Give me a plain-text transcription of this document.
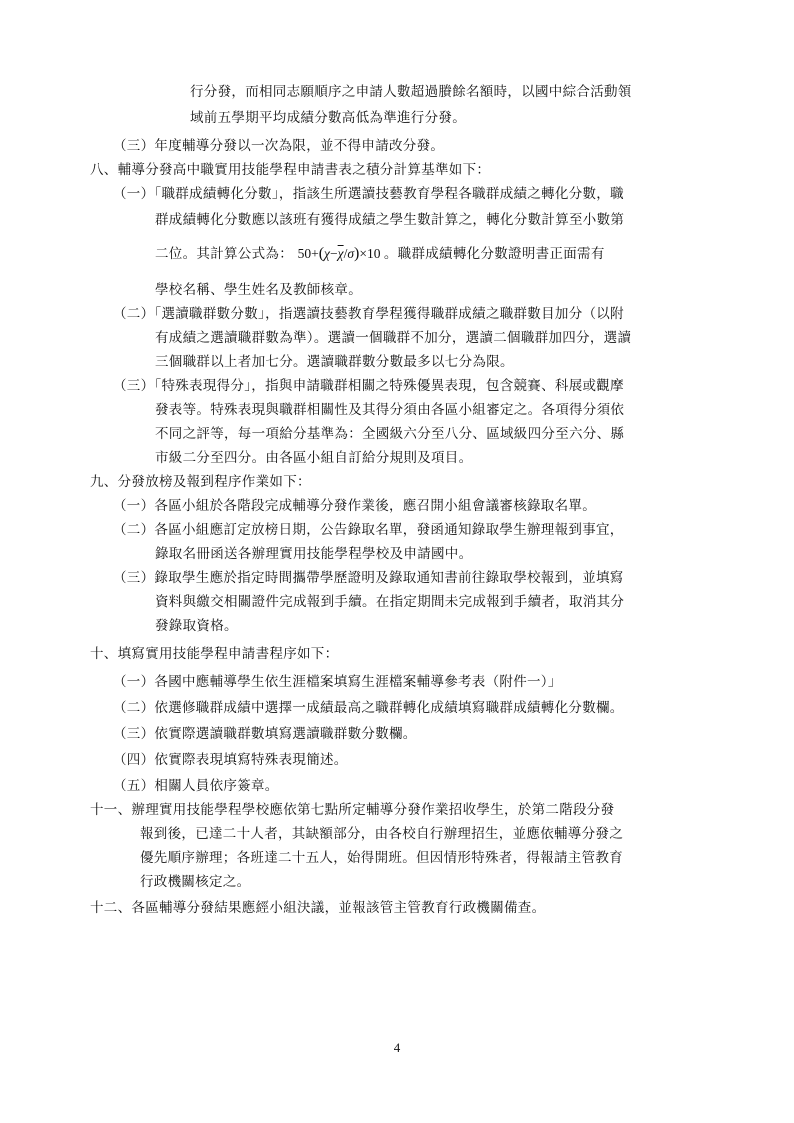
行分發，而相同志願順序之申請人數超過賸餘名額時，以國中綜合活動領
域前五學期平均成績分數高低為準進行分發。
（三）年度輔導分發以一次為限，並不得申請改分發。
八、輔導分發高中職實用技能學程申請書表之積分計算基準如下：
（一）「職群成績轉化分數」，指該生所選讀技藝教育學程各職群成績之轉化分數，職
群成績轉化分數應以該班有獲得成績之學生數計算之，轉化分數計算至小數第
二位。其計算公式為： $50+(\chi-\overline{\chi}/\sigma)\times 10$ 。職群成績轉化分數證明書正面需有
學校名稱、學生姓名及教師核章。
（二）「選讀職群數分數」，指選讀技藝教育學程獲得職群成績之職群數目加分（以附
有成績之選讀職群數為準）。選讀一個職群不加分，選讀二個職群加四分，選讀
三個職群以上者加七分。選讀職群數分數最多以七分為限。
（三）「特殊表現得分」，指與申請職群相關之特殊優異表現，包含競賽、科展或觀摩
發表等。特殊表現與職群相關性及其得分須由各區小組審定之。各項得分須依
不同之評等，每一項給分基準為：全國級六分至八分、區域級四分至六分、縣
市級二分至四分。由各區小組自訂給分規則及項目。
九、分發放榜及報到程序作業如下：
（一）各區小組於各階段完成輔導分發作業後，應召開小組會議審核錄取名單。
（二）各區小組應訂定放榜日期，公告錄取名單，發函通知錄取學生辦理報到事宜，
錄取名冊函送各辦理實用技能學程學校及申請國中。
（三）錄取學生應於指定時間攜帶學歷證明及錄取通知書前往錄取學校報到，並填寫
資料與繳交相關證件完成報到手續。在指定期間未完成報到手續者，取消其分
發錄取資格。
十、填寫實用技能學程申請書程序如下：
（一）各國中應輔導學生依生涯檔案填寫生涯檔案輔導參考表（附件一）」
（二）依選修職群成績中選擇一成績最高之職群轉化成績填寫職群成績轉化分數欄。
（三）依實際選讀職群數填寫選讀職群數分數欄。
（四）依實際表現填寫特殊表現簡述。
（五）相關人員依序簽章。
十一、辦理實用技能學程學校應依第七點所定輔導分發作業招收學生，於第二階段分發
報到後，已達二十人者，其缺額部分，由各校自行辦理招生，並應依輔導分發之
優先順序辦理；各班達二十五人，始得開班。但因情形特殊者，得報請主管教育
行政機關核定之。
十二、各區輔導分發結果應經小組決議，並報該管主管教育行政機關備查。
4
